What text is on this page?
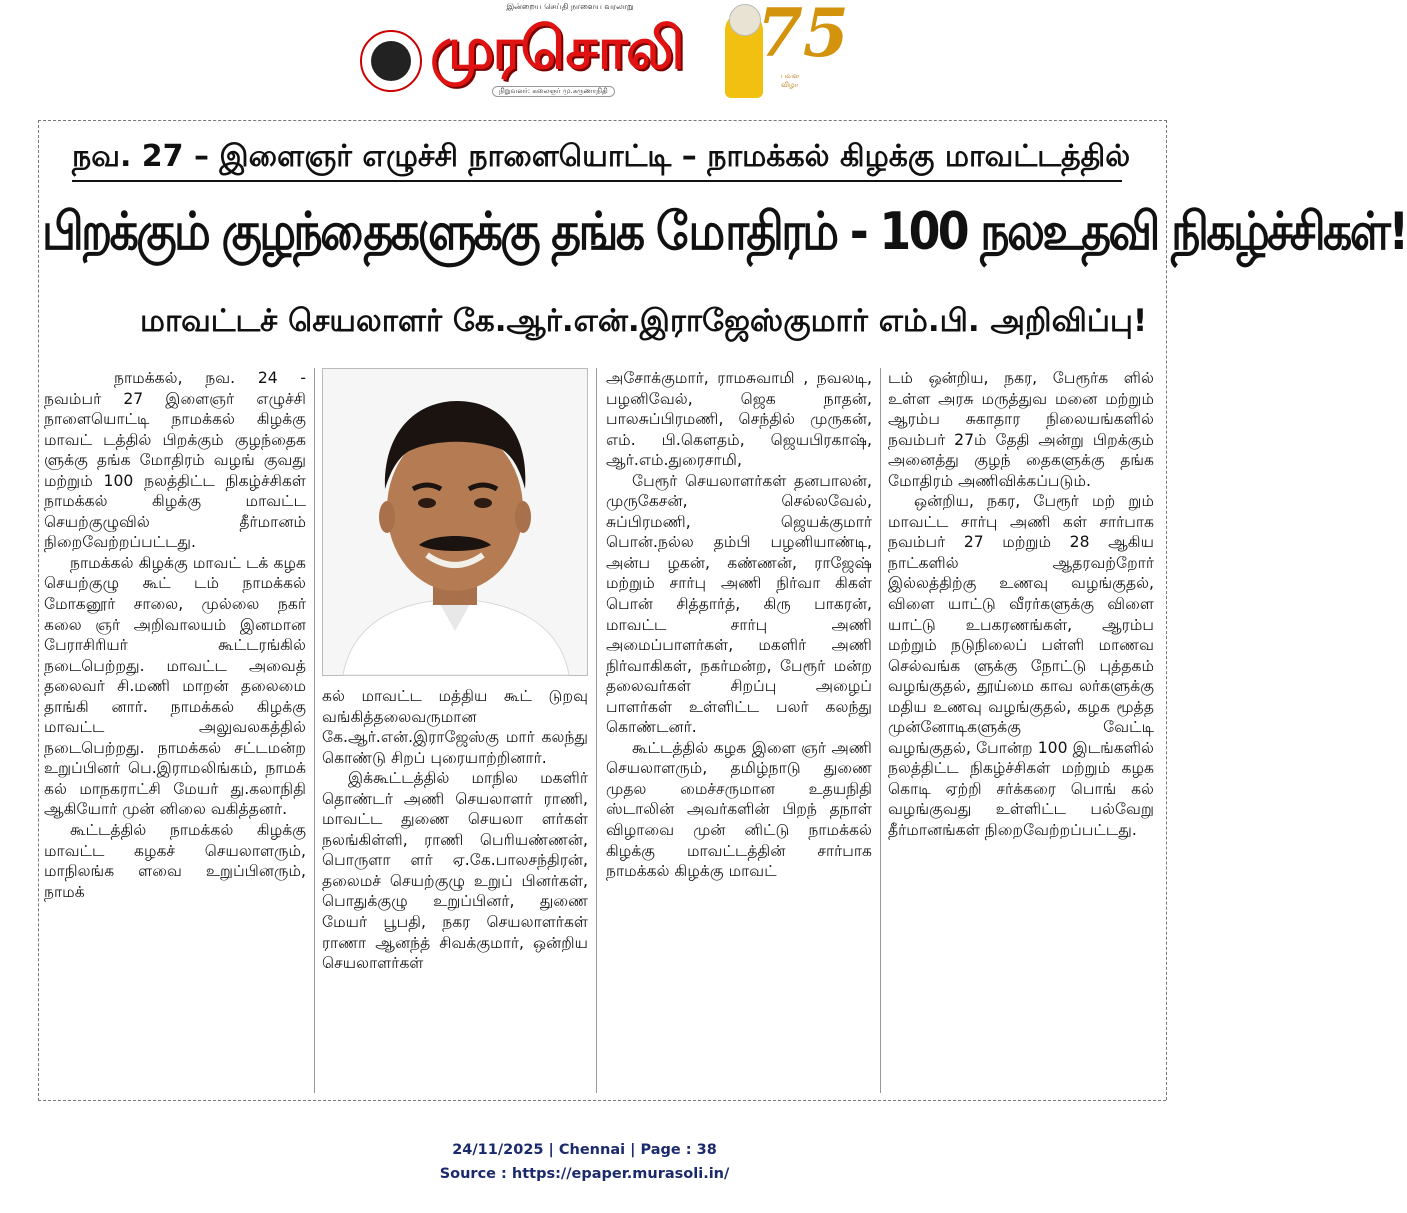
இன்றைய செய்தி நாளைய வரலாறு
முரசொலி
நிறுவனர்: கலைஞர் மு.கருணாநிதி
75
பவள விழா
நவ. 27 – இளைஞர் எழுச்சி நாளையொட்டி – நாமக்கல் கிழக்கு மாவட்டத்தில்
பிறக்கும் குழந்தைகளுக்கு தங்க மோதிரம் - 100 நலஉதவி நிகழ்ச்சிகள்!
மாவட்டச் செயலாளர் கே.ஆர்.என்.இராஜேஸ்குமார் எம்.பி. அறிவிப்பு!

நாமக்கல், நவ. 24 - நவம்பர் 27 இளைஞர் எழுச்சி நாளையொட்டி நாமக்கல் கிழக்கு மாவட் டத்தில் பிறக்கும் குழந்தைக ளுக்கு தங்க மோதிரம் வழங் குவது மற்றும் 100 நலத்திட்ட நிகழ்ச்சிகள் நாமக்கல் கிழக்கு மாவட்ட செயற்குழுவில் தீர்மானம் நிறைவேற்றப்பட்டது.

நாமக்கல் கிழக்கு மாவட் டக் கழக செயற்குழு கூட் டம் நாமக்கல் மோகனூர் சாலை, முல்லை நகர் கலை ஞர் அறிவாலயம் இனமான பேராசிரியர் கூட்டரங்கில் நடைபெற்றது. மாவட்ட அவைத் தலைவர் சி.மணி மாறன் தலைமை தாங்கி னார். நாமக்கல் கிழக்கு மாவட்ட அலுவலகத்தில் நடைபெற்றது. நாமக்கல் சட்டமன்ற உறுப்பினர் பெ.இராமலிங்கம், நாமக் கல் மாநகராட்சி மேயர் து.கலாநிதி ஆகியோர் முன் னிலை வகித்தனர்.

கூட்டத்தில் நாமக்கல் கிழக்கு மாவட்ட கழகச் செயலாளரும், மாநிலங்க ளவை உறுப்பினரும், நாமக்

கல் மாவட்ட மத்திய கூட் டுறவு வங்கித்தலைவருமான கே.ஆர்.என்.இராஜேஸ்கு மார் கலந்து கொண்டு சிறப் புரையாற்றினார்.

இக்கூட்டத்தில் மாநில மகளிர் தொண்டர் அணி செயலாளர் ராணி, மாவட்ட துணை செயலா ளர்கள் நலங்கிள்ளி, ராணி பெரியண்ணன், பொருளா ளர் ஏ.கே.பாலசந்திரன், தலைமச் செயற்குழு உறுப் பினர்கள், பொதுக்குழு உறுப்பினர், துணை மேயர் பூபதி, நகர செயலாளர்கள் ராணா ஆனந்த் சிவக்குமார், ஒன்றிய செயலாளர்கள்

அசோக்குமார், ராமசுவாமி , நவலடி, பழனிவேல், ஜெக நாதன், பாலசுப்பிரமணி, செந்தில் முருகன், எம். பி.கௌதம், ஜெயபிரகாஷ், ஆர்.எம்.துரைசாமி,

பேரூர் செயலாளர்கள் தனபாலன், முருகேசன், செல்லவேல், சுப்பிரமணி, ஜெயக்குமார் பொன்.நல்ல தம்பி பழனியாண்டி, அன்ப ழகன், கண்ணன், ராஜேஷ் மற்றும் சார்பு அணி நிர்வா கிகள் பொன் சித்தார்த், கிரு பாகரன், மாவட்ட சார்பு அணி அமைப்பாளர்கள், மகளிர் அணி நிர்வாகிகள், நகர்மன்ற, பேரூர் மன்ற தலைவர்கள் சிறப்பு அழைப் பாளர்கள் உள்ளிட்ட பலர் கலந்து கொண்டனர்.

கூட்டத்தில் கழக இளை ஞர் அணி செயலாளரும், தமிழ்நாடு துணை முதல மைச்சருமான உதயநிதி ஸ்டாலின் அவர்களின் பிறந் தநாள் விழாவை முன் னிட்டு நாமக்கல் கிழக்கு மாவட்டத்தின் சார்பாக நாமக்கல் கிழக்கு மாவட்

டம் ஒன்றிய, நகர, பேரூர்க ளில் உள்ள அரசு மருத்துவ மனை மற்றும் ஆரம்ப சுகாதார நிலையங்களில் நவம்பர் 27ம் தேதி அன்று பிறக்கும் அனைத்து குழந் தைகளுக்கு தங்க மோதிரம் அணிவிக்கப்படும்.

ஒன்றிய, நகர, பேரூர் மற் றும் மாவட்ட சார்பு அணி கள் சார்பாக நவம்பர் 27 மற்றும் 28 ஆகிய நாட்களில் ஆதரவற்றோர் இல்லத்திற்கு உணவு வழங்குதல், விளை யாட்டு வீரர்களுக்கு விளை யாட்டு உபகரணங்கள், ஆரம்ப மற்றும் நடுநிலைப் பள்ளி மாணவ செல்வங்க ளுக்கு நோட்டு புத்தகம் வழங்குதல், தூய்மை காவ லர்களுக்கு மதிய உணவு வழங்குதல், கழக மூத்த முன்னோடிகளுக்கு வேட்டி வழங்குதல், போன்ற 100 இடங்களில் நலத்திட்ட நிகழ்ச்சிகள் மற்றும் கழக கொடி ஏற்றி சர்க்கரை பொங் கல் வழங்குவது உள்ளிட்ட பல்வேறு தீர்மானங்கள் நிறைவேற்றப்பட்டது.

24/11/2025 | Chennai | Page : 38
Source : https://epaper.murasoli.in/
